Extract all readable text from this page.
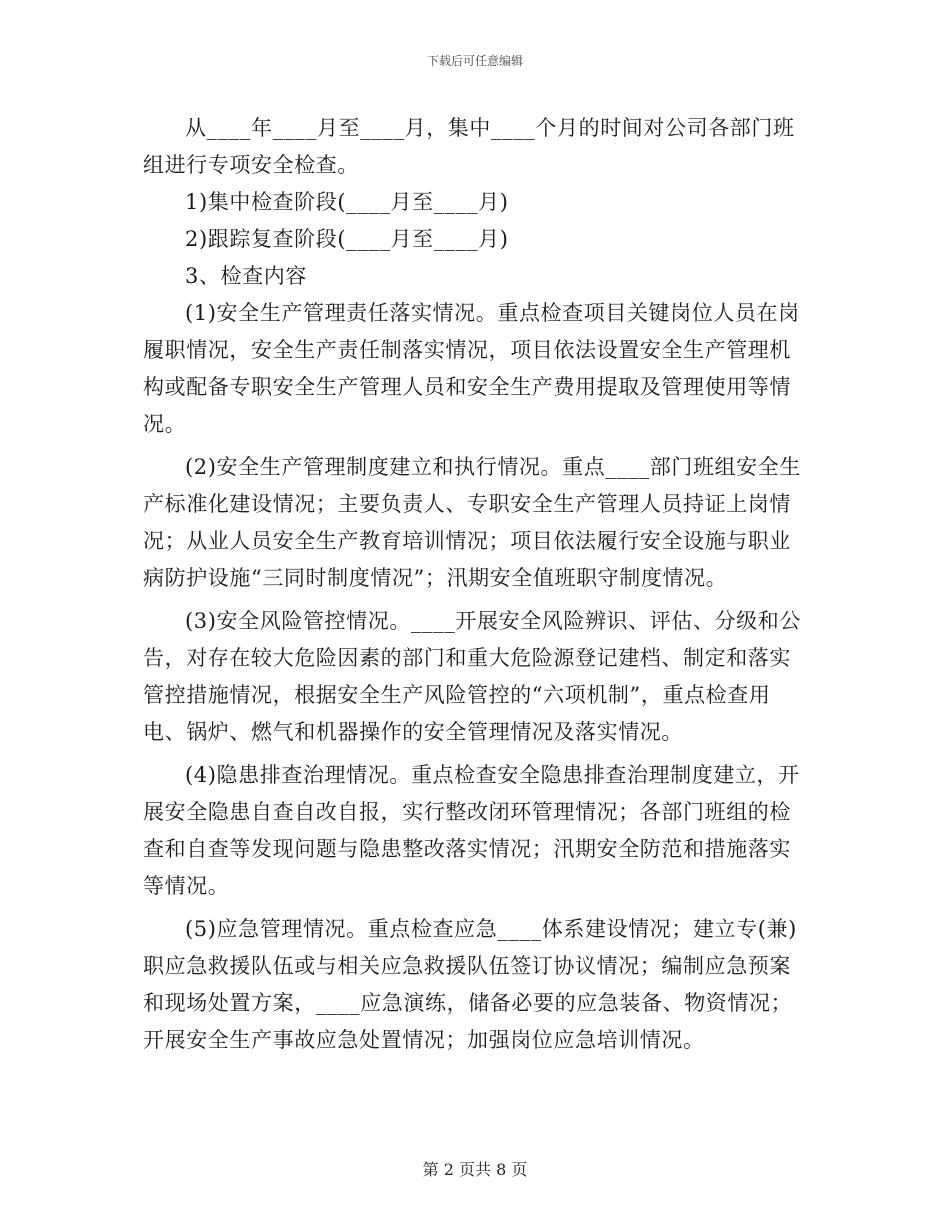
下载后可任意编辑
从____年____月至____月，集中____个月的时间对公司各部门班
组进行专项安全检查。
1)集中检查阶段(____月至____月)
2)跟踪复查阶段(____月至____月)
3、检查内容
(1)安全生产管理责任落实情况。重点检查项目关键岗位人员在岗
履职情况，安全生产责任制落实情况，项目依法设置安全生产管理机
构或配备专职安全生产管理人员和安全生产费用提取及管理使用等情
况。
(2)安全生产管理制度建立和执行情况。重点____部门班组安全生
产标准化建设情况；主要负责人、专职安全生产管理人员持证上岗情
况；从业人员安全生产教育培训情况；项目依法履行安全设施与职业
病防护设施“三同时制度情况”；汛期安全值班职守制度情况。
(3)安全风险管控情况。____开展安全风险辨识、评估、分级和公
告，对存在较大危险因素的部门和重大危险源登记建档、制定和落实
管控措施情况，根据安全生产风险管控的“六项机制”，重点检查用
电、锅炉、燃气和机器操作的安全管理情况及落实情况。
(4)隐患排查治理情况。重点检查安全隐患排查治理制度建立，开
展安全隐患自查自改自报，实行整改闭环管理情况；各部门班组的检
查和自查等发现问题与隐患整改落实情况；汛期安全防范和措施落实
等情况。
(5)应急管理情况。重点检查应急____体系建设情况；建立专(兼)
职应急救援队伍或与相关应急救援队伍签订协议情况；编制应急预案
和现场处置方案，____应急演练，储备必要的应急装备、物资情况；
开展安全生产事故应急处置情况；加强岗位应急培训情况。
第 2 页共 8 页
